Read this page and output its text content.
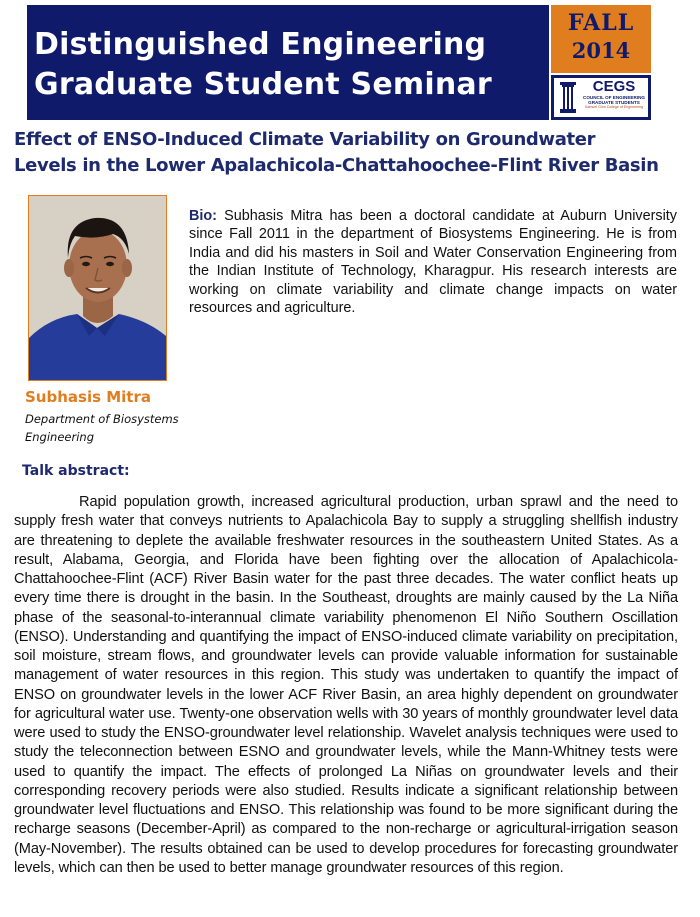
Distinguished Engineering
Graduate Student Seminar
FALL
2014
CEGS
COUNCIL OF ENGINEERING GRADUATE STUDENTS
Samuel Ginn College of Engineering
Effect of ENSO-Induced Climate Variability on Groundwater
Levels in the Lower Apalachicola-Chattahoochee-Flint River Basin
Subhasis Mitra
Department of Biosystems Engineering
Bio: Subhasis Mitra has been a doctoral candidate at Auburn University since Fall 2011 in the department of Biosystems Engineering. He is from India and did his masters in Soil and Water Conservation Engineering from the Indian Institute of Technology, Kharagpur. His research interests are working on climate variability and climate change impacts on water resources and agriculture.
Talk abstract:

Rapid population growth, increased agricultural production, urban sprawl and the need to supply fresh water that conveys nutrients to Apalachicola Bay to supply a struggling shellfish industry are threatening to deplete the available freshwater resources in the southeastern United States. As a result, Alabama, Georgia, and Florida have been fighting over the allocation of Apalachicola-Chattahoochee-Flint (ACF) River Basin water for the past three decades. The water conflict heats up every time there is drought in the basin. In the Southeast, droughts are mainly caused by the La Niña phase of the seasonal-to-interannual climate variability phenomenon El Niño Southern Oscillation (ENSO). Understanding and quantifying the impact of ENSO-induced climate variability on precipitation, soil moisture, stream flows, and groundwater levels can provide valuable information for sustainable management of water resources in this region. This study was undertaken to quantify the impact of ENSO on groundwater levels in the lower ACF River Basin, an area highly dependent on groundwater for agricultural water use. Twenty-one observation wells with 30 years of monthly groundwater level data were used to study the ENSO-groundwater level relationship. Wavelet analysis techniques were used to study the teleconnection between ESNO and groundwater levels, while the Mann-Whitney tests were used to quantify the impact. The effects of prolonged La Niñas on groundwater levels and their corresponding recovery periods were also studied. Results indicate a significant relationship between groundwater level fluctuations and ENSO. This relationship was found to be more significant during the recharge seasons (December-April) as compared to the non-recharge or agricultural-irrigation season (May-November). The results obtained can be used to develop procedures for forecasting groundwater levels, which can then be used to better manage groundwater resources of this region.
